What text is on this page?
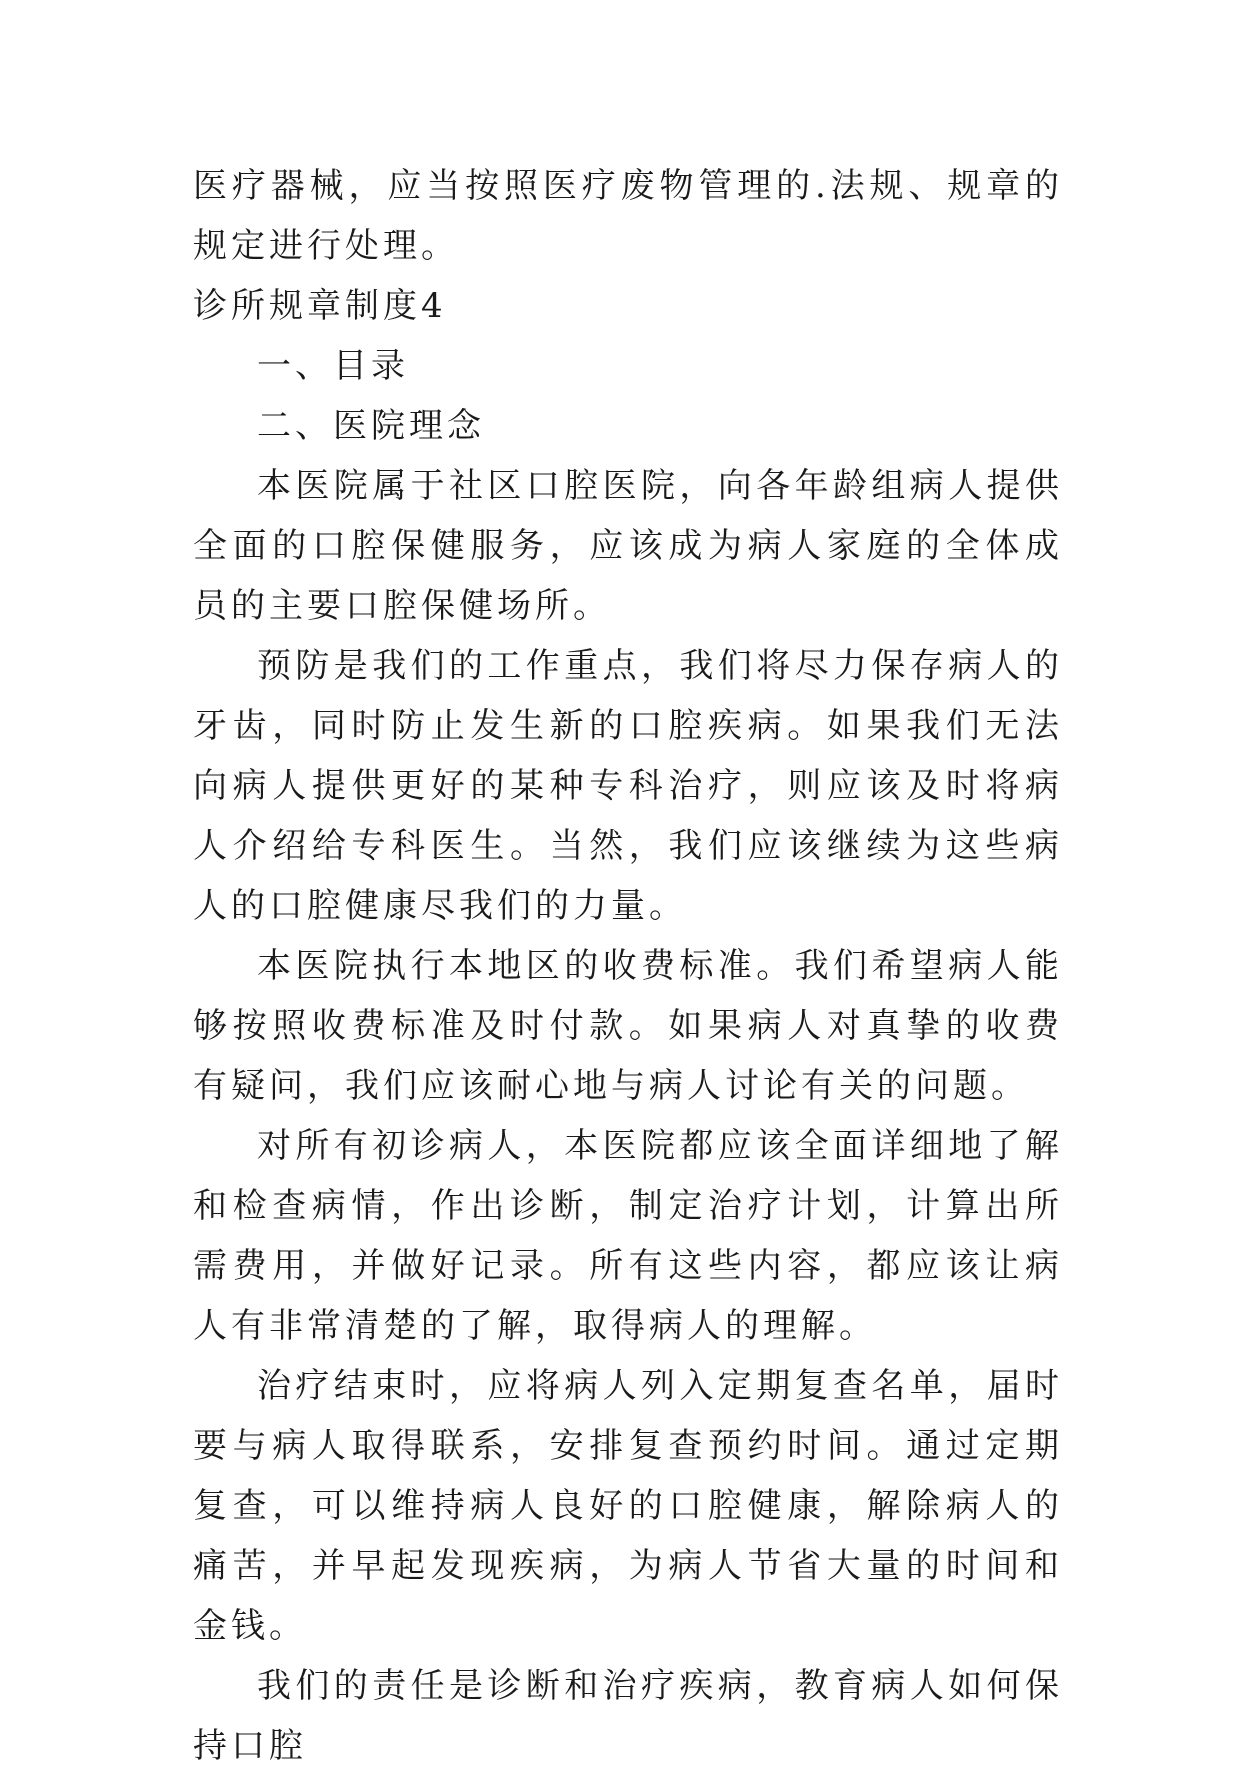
医疗器械，应当按照医疗废物管理的.法规、规章的规定进行处理。

诊所规章制度4

一、目录

二、医院理念

本医院属于社区口腔医院，向各年龄组病人提供全面的口腔保健服务，应该成为病人家庭的全体成员的主要口腔保健场所。

预防是我们的工作重点，我们将尽力保存病人的牙齿，同时防止发生新的口腔疾病。如果我们无法向病人提供更好的某种专科治疗，则应该及时将病人介绍给专科医生。当然，我们应该继续为这些病人的口腔健康尽我们的力量。

本医院执行本地区的收费标准。我们希望病人能够按照收费标准及时付款。如果病人对真挚的收费有疑问，我们应该耐心地与病人讨论有关的问题。

对所有初诊病人，本医院都应该全面详细地了解和检查病情，作出诊断，制定治疗计划，计算出所需费用，并做好记录。所有这些内容，都应该让病人有非常清楚的了解，取得病人的理解。

治疗结束时，应将病人列入定期复查名单，届时要与病人取得联系，安排复查预约时间。通过定期复查，可以维持病人良好的口腔健康，解除病人的痛苦，并早起发现疾病，为病人节省大量的时间和金钱。

我们的责任是诊断和治疗疾病，教育病人如何保持口腔
